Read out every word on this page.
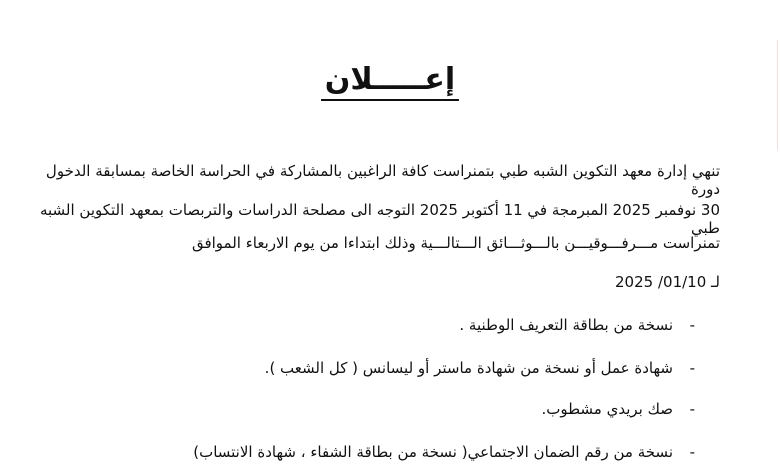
إعـــــلان
تنهي إدارة معهد التكوين الشبه طبي بتمنراست كافة الراغبين بالمشاركة في الحراسة الخاصة بمسابقة الدخول دورة
30 نوفمبر 2025 المبرمجة في 11 أكتوبر 2025 التوجه الى مصلحة الدراسات والتربصات بمعهد التكوين الشبه طبي
تمنراست مـــرفـــوقيـــن بالـــوثـــائق الـــتالـــية وذلك ابتداءا من يوم الاربعاء الموافق
لـ 01/10/ 2025
-نسخة من بطاقة التعريف الوطنية .
-شهادة عمل أو نسخة من شهادة ماستر أو ليسانس ( كل الشعب ).
-صك بريدي مشطوب.
-نسخة من رقم الضمان الاجتماعي( نسخة من بطاقة الشفاء ، شهادة الانتساب)
